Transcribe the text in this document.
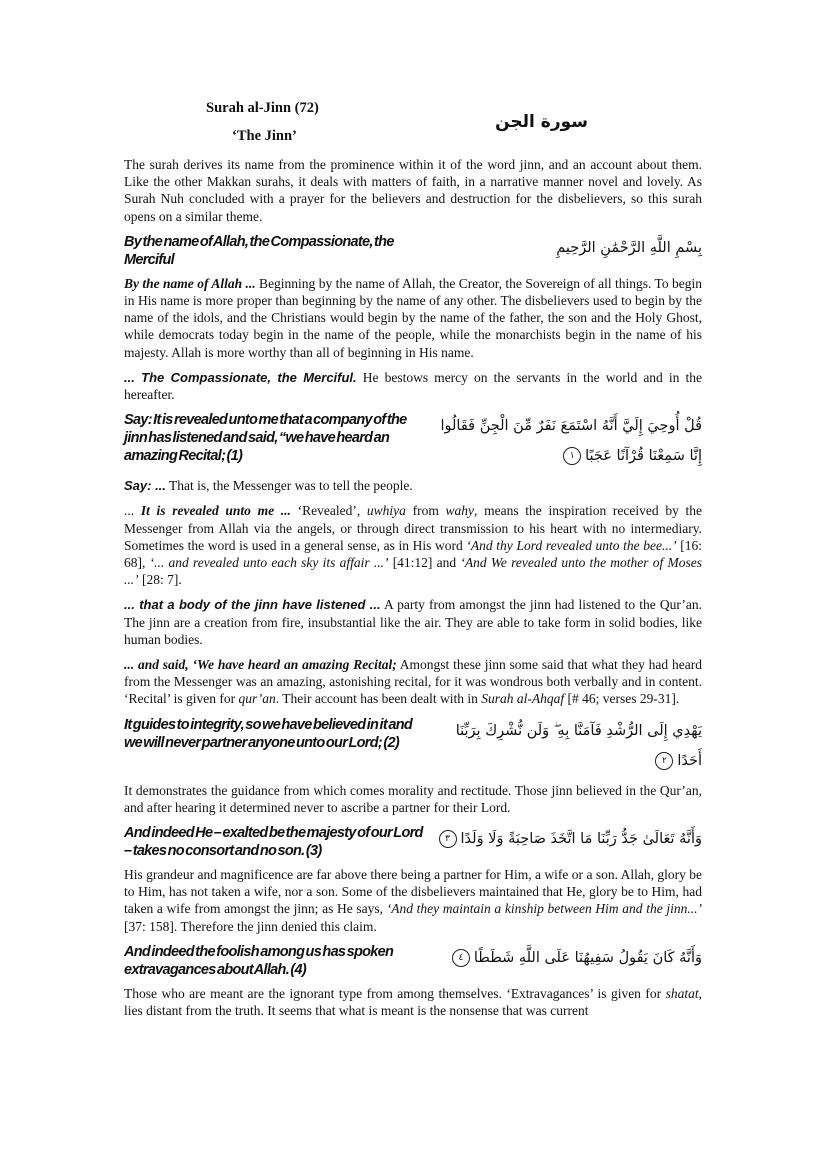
Surah al-Jinn (72)
‘The Jinn’
سورة الجن

The surah derives its name from the prominence within it of the word jinn, and an account about them. Like the other Makkan surahs, it deals with matters of faith, in a narrative manner novel and lovely. As Surah Nuh concluded with a prayer for the believers and destruction for the disbelievers, so this surah opens on a similar theme.

By the name of Allah, the Compassionate, the Merciful
بِسْمِ اللَّهِ الرَّحْمَٰنِ الرَّحِيمِ

By the name of Allah ... Beginning by the name of Allah, the Creator, the Sovereign of all things. To begin in His name is more proper than beginning by the name of any other. The disbelievers used to begin by the name of the idols, and the Christians would begin by the name of the father, the son and the Holy Ghost, while democrats today begin in the name of the people, while the monarchists begin in the name of his majesty. Allah is more worthy than all of beginning in His name.

... The Compassionate, the Merciful. He bestows mercy on the servants in the world and in the hereafter.

Say: It is revealed unto me that a company of the jinn has listened and said, “we have heard an amazing Recital; (1)
قُلْ أُوحِيَ إِلَيَّ أَنَّهُ اسْتَمَعَ نَفَرٌ مِّنَ الْجِنِّ فَقَالُوا إِنَّا سَمِعْنَا قُرْآنًا عَجَبًا١

Say: ... That is, the Messenger was to tell the people.

... It is revealed unto me ... ‘Revealed’, uwhiya from wahy, means the inspiration received by the Messenger from Allah via the angels, or through direct transmission to his heart with no intermediary. Sometimes the word is used in a general sense, as in His word ‘And thy Lord revealed unto the bee...’ [16: 68], ‘... and revealed unto each sky its affair ...’ [41:12] and ‘And We revealed unto the mother of Moses ...’ [28: 7].

... that a body of the jinn have listened ... A party from amongst the jinn had listened to the Qur’an. The jinn are a creation from fire, insubstantial like the air. They are able to take form in solid bodies, like human bodies.

... and said, ‘We have heard an amazing Recital; Amongst these jinn some said that what they had heard from the Messenger was an amazing, astonishing recital, for it was wondrous both verbally and in content. ‘Recital’ is given for qur’an. Their account has been dealt with in Surah al-Ahqaf [# 46; verses 29-31].

It guides to integrity, so we have believed in it and we will never partner anyone unto our Lord; (2)
يَهْدِي إِلَى الرُّشْدِ فَآمَنَّا بِهِ ۖ وَلَن نُّشْرِكَ بِرَبِّنَا أَحَدًا٢

It demonstrates the guidance from which comes morality and rectitude. Those jinn believed in the Qur’an, and after hearing it determined never to ascribe a partner for their Lord.

And indeed He – exalted be the majesty of our Lord – takes no consort and no son. (3)
وَأَنَّهُ تَعَالَىٰ جَدُّ رَبِّنَا مَا اتَّخَذَ صَاحِبَةً وَلَا وَلَدًا٣

His grandeur and magnificence are far above there being a partner for Him, a wife or a son. Allah, glory be to Him, has not taken a wife, nor a son. Some of the disbelievers maintained that He, glory be to Him, had taken a wife from amongst the jinn; as He says, ‘And they maintain a kinship between Him and the jinn...’ [37: 158]. Therefore the jinn denied this claim.

And indeed the foolish among us has spoken extravagances about Allah. (4)
وَأَنَّهُ كَانَ يَقُولُ سَفِيهُنَا عَلَى اللَّهِ شَطَطًا٤

Those who are meant are the ignorant type from among themselves. ‘Extravagances’ is given for shatat, lies distant from the truth. It seems that what is meant is the nonsense that was current
